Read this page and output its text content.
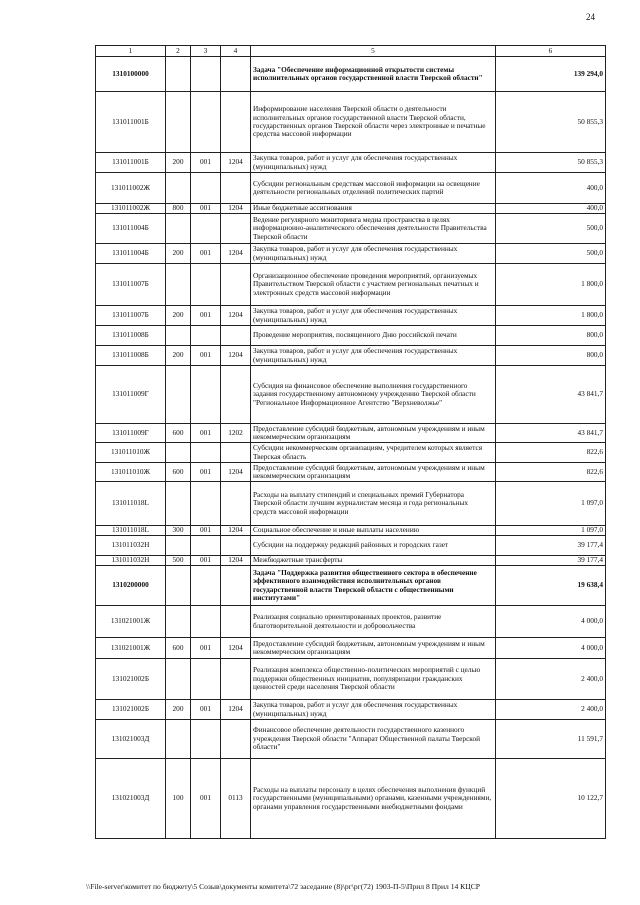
24
1	2	3	4	5	6
1310100000				Задача "Обеспечение информационной открытости системы исполнительных органов государственной власти Тверской области"	139 294,0
131011001Б				Информирование населения Тверской области о деятельности исполнительных органов государственной власти Тверской области, государственных органов Тверской области через электронные и печатные средства массовой информации	50 855,3
131011001Б	200	001	1204	Закупка товаров, работ и услуг для обеспечения государственных (муниципальных) нужд	50 855,3
131011002Ж				Субсидии региональным средствам массовой информации на освещение деятельности региональных отделений политических партий	400,0
131011002Ж	800	001	1204	Иные бюджетные ассигнования	400,0
131011004Б				Ведение регулярного мониторинга медиа пространства в целях информационно-аналитического обеспечения деятельности Правительства Тверской области	500,0
131011004Б	200	001	1204	Закупка товаров, работ и услуг для обеспечения государственных (муниципальных) нужд	500,0
131011007Б				Организационное обеспечение проведения мероприятий, организуемых Правительством Тверской области с участием региональных печатных и электронных средств массовой информации	1 800,0
131011007Б	200	001	1204	Закупка товаров, работ и услуг для обеспечения государственных (муниципальных) нужд	1 800,0
131011008Б				Проведение мероприятия, посвященного Дню российской печати	800,0
131011008Б	200	001	1204	Закупка товаров, работ и услуг для обеспечения государственных (муниципальных) нужд	800,0
131011009Г				Субсидия на финансовое обеспечение выполнения государственного задания государственному автономному учреждению Тверской области "Региональное Информационное Агентство "Верхневолжье"	43 841,7
131011009Г	600	001	1202	Предоставление субсидий бюджетным, автономным учреждениям и иным некоммерческим организациям	43 841,7
131011010Ж				Субсидии некоммерческим организациям, учредителем которых является Тверская область	822,6
131011010Ж	600	001	1204	Предоставление субсидий бюджетным, автономным учреждениям и иным некоммерческим организациям	822,6
131011018L				Расходы на выплату стипендий и специальных премий Губернатора Тверской области лучшим журналистам месяца и года региональных средств массовой информации	1 097,0
131011018L	300	001	1204	Социальное обеспечение и иные выплаты населению	1 097,0
131011032Н				Субсидии на поддержку редакций районных и городских газет	39 177,4
131011032Н	500	001	1204	Межбюджетные трансферты	39 177,4
1310200000				Задача "Поддержка развития общественного сектора в обеспечение эффективного взаимодействия исполнительных органов государственной власти Тверской области с общественными институтами"	19 638,4
131021001Ж				Реализация социально ориентированных проектов, развитие благотворительной деятельности и добровольчества	4 000,0
131021001Ж	600	001	1204	Предоставление субсидий бюджетным, автономным учреждениям и иным некоммерческим организациям	4 000,0
131021002Б				Реализация комплекса общественно-политических мероприятий с целью поддержки общественных инициатив, популяризации гражданских ценностей среди населения Тверской области	2 400,0
131021002Б	200	001	1204	Закупка товаров, работ и услуг для обеспечения государственных (муниципальных) нужд	2 400,0
131021003Д				Финансовое обеспечение деятельности государственного казенного учреждения Тверской области "Аппарат Общественной палаты Тверской области"	11 591,7
131021003Д	100	001	0113	Расходы на выплаты персоналу в целях обеспечения выполнения функций государственными (муниципальными) органами, казенными учреждениями, органами управления государственными внебюджетными фондами	10 122,7
\\File-server\комитет по бюджету\5 Созыв\документы комитета\72 заседание (8)\рг\рг(72) 1903-П-5\Прил 8 Прил 14 КЦСР
